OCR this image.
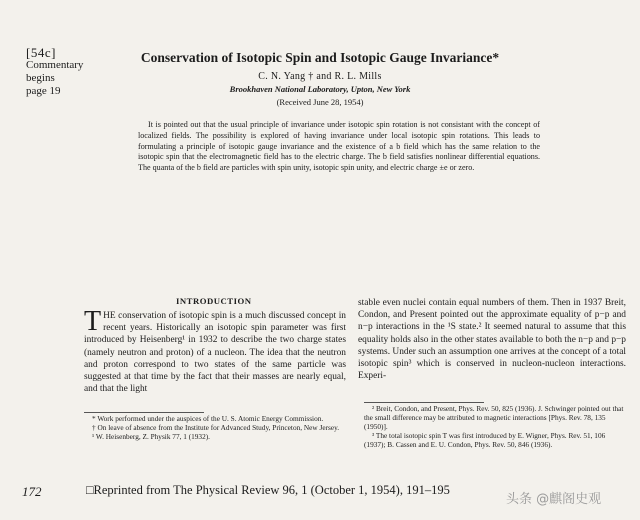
[54c]
Commentary
begins
page 19
Conservation of Isotopic Spin and Isotopic Gauge Invariance*
C. N. Yang † and R. L. Mills
Brookhaven National Laboratory, Upton, New York
(Received June 28, 1954)
It is pointed out that the usual principle of invariance under isotopic spin rotation is not consistant with the concept of localized fields. The possibility is explored of having invariance under local isotopic spin rotations. This leads to formulating a principle of isotopic gauge invariance and the existence of a b field which has the same relation to the isotopic spin that the electromagnetic field has to the electric charge. The b field satisfies nonlinear differential equations. The quanta of the b field are particles with spin unity, isotopic spin unity, and electric charge ±e or zero.
INTRODUCTION
THE conservation of isotopic spin is a much discussed concept in recent years. Historically an isotopic spin parameter was first introduced by Heisenberg¹ in 1932 to describe the two charge states (namely neutron and proton) of a nucleon. The idea that the neutron and proton correspond to two states of the same particle was suggested at that time by the fact that their masses are nearly equal, and that the light
stable even nuclei contain equal numbers of them. Then in 1937 Breit, Condon, and Present pointed out the approximate equality of p−p and n−p interactions in the ¹S state.² It seemed natural to assume that this equality holds also in the other states available to both the n−p and p−p systems. Under such an assumption one arrives at the concept of a total isotopic spin³ which is conserved in nucleon-nucleon interactions. Experi-

* Work performed under the auspices of the U. S. Atomic Energy Commission.

† On leave of absence from the Institute for Advanced Study, Princeton, New Jersey.

¹ W. Heisenberg, Z. Physik 77, 1 (1932).

² Breit, Condon, and Present, Phys. Rev. 50, 825 (1936). J. Schwinger pointed out that the small difference may be attributed to magnetic interactions [Phys. Rev. 78, 135 (1950)].

³ The total isotopic spin T was first introduced by E. Wigner, Phys. Rev. 51, 106 (1937); B. Cassen and E. U. Condon, Phys. Rev. 50, 846 (1936).

172	□Reprinted from The Physical Review 96, 1 (October 1, 1954), 191–195
头条 @麒阁史观
